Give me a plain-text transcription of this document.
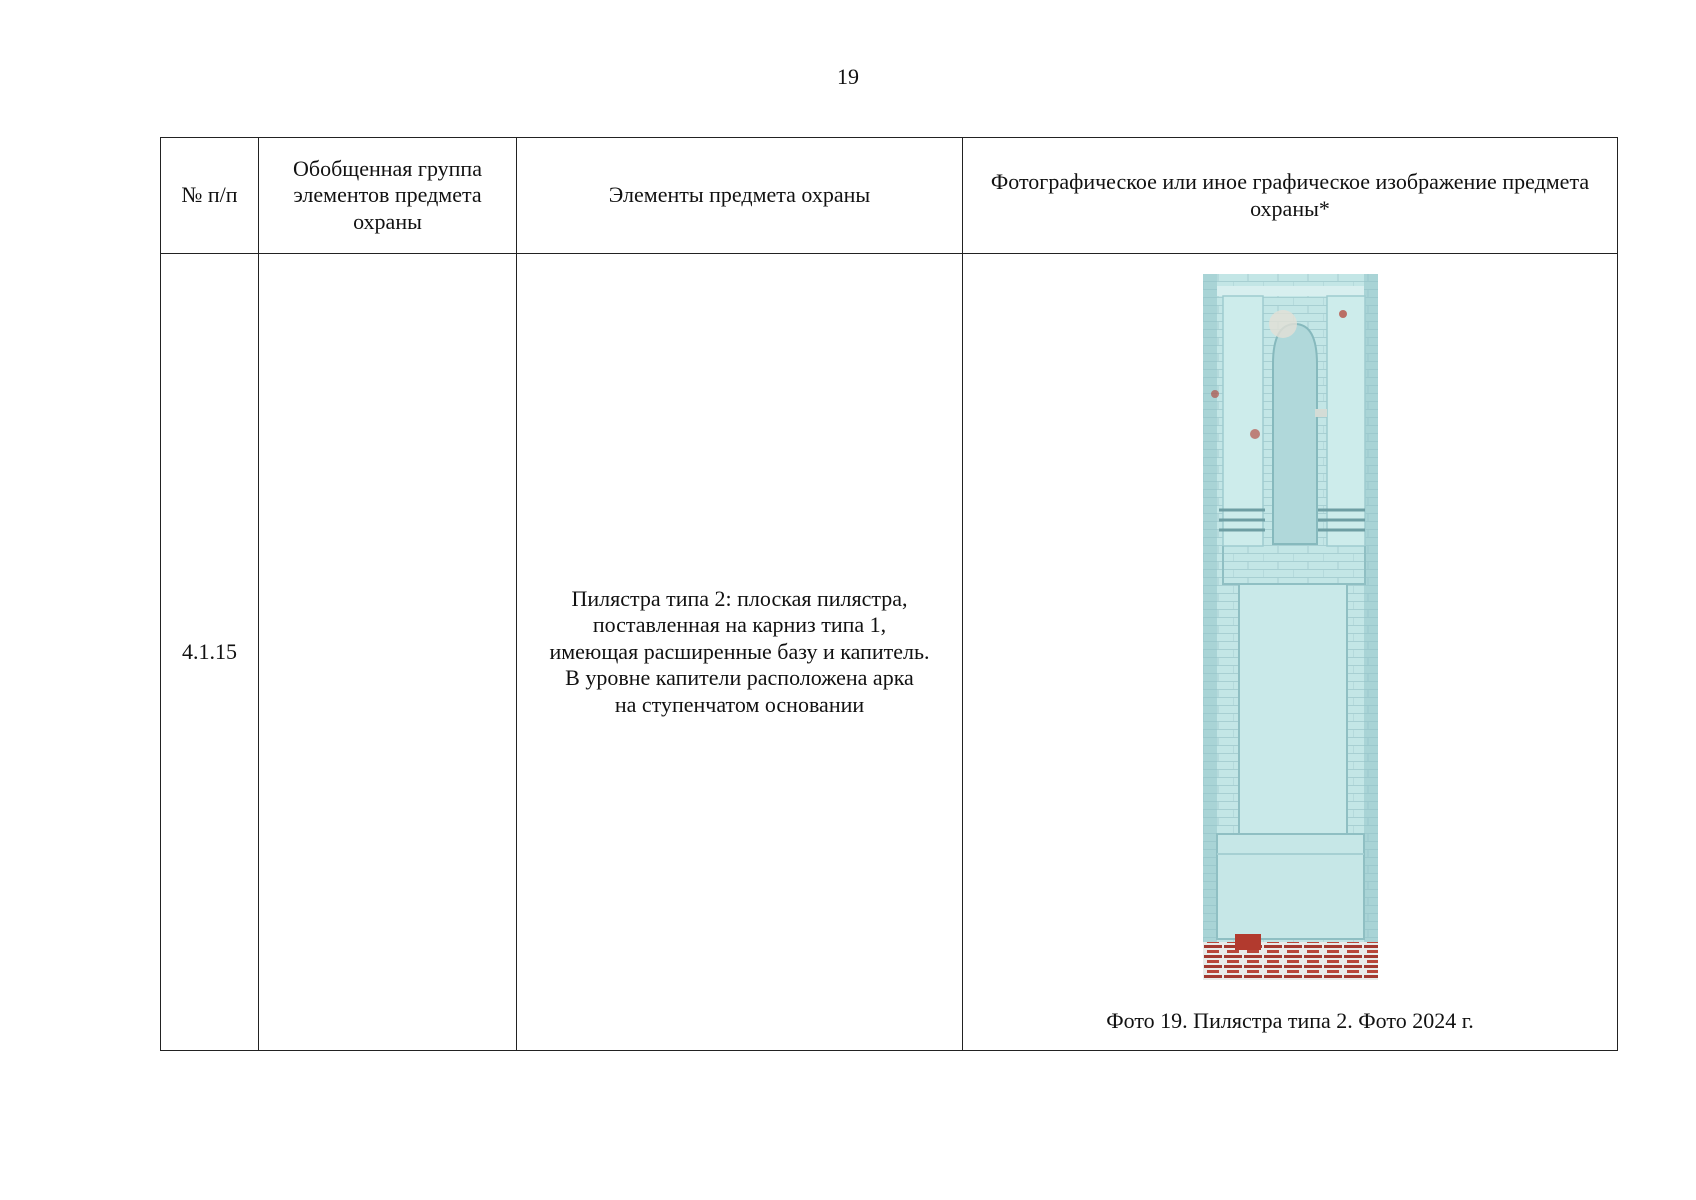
19
№ п/п	Обобщенная группа элементов предмета охраны	Элементы предмета охраны	Фотографическое или иное графическое изображение предмета охраны*
4.1.15		Пилястра типа 2: плоская пилястра,
поставленная на карниз типа 1,
имеющая расширенные базу и капитель.
В уровне капители расположена арка
на ступенчатом основании	Фото 19. Пилястра типа 2. Фото 2024 г.
